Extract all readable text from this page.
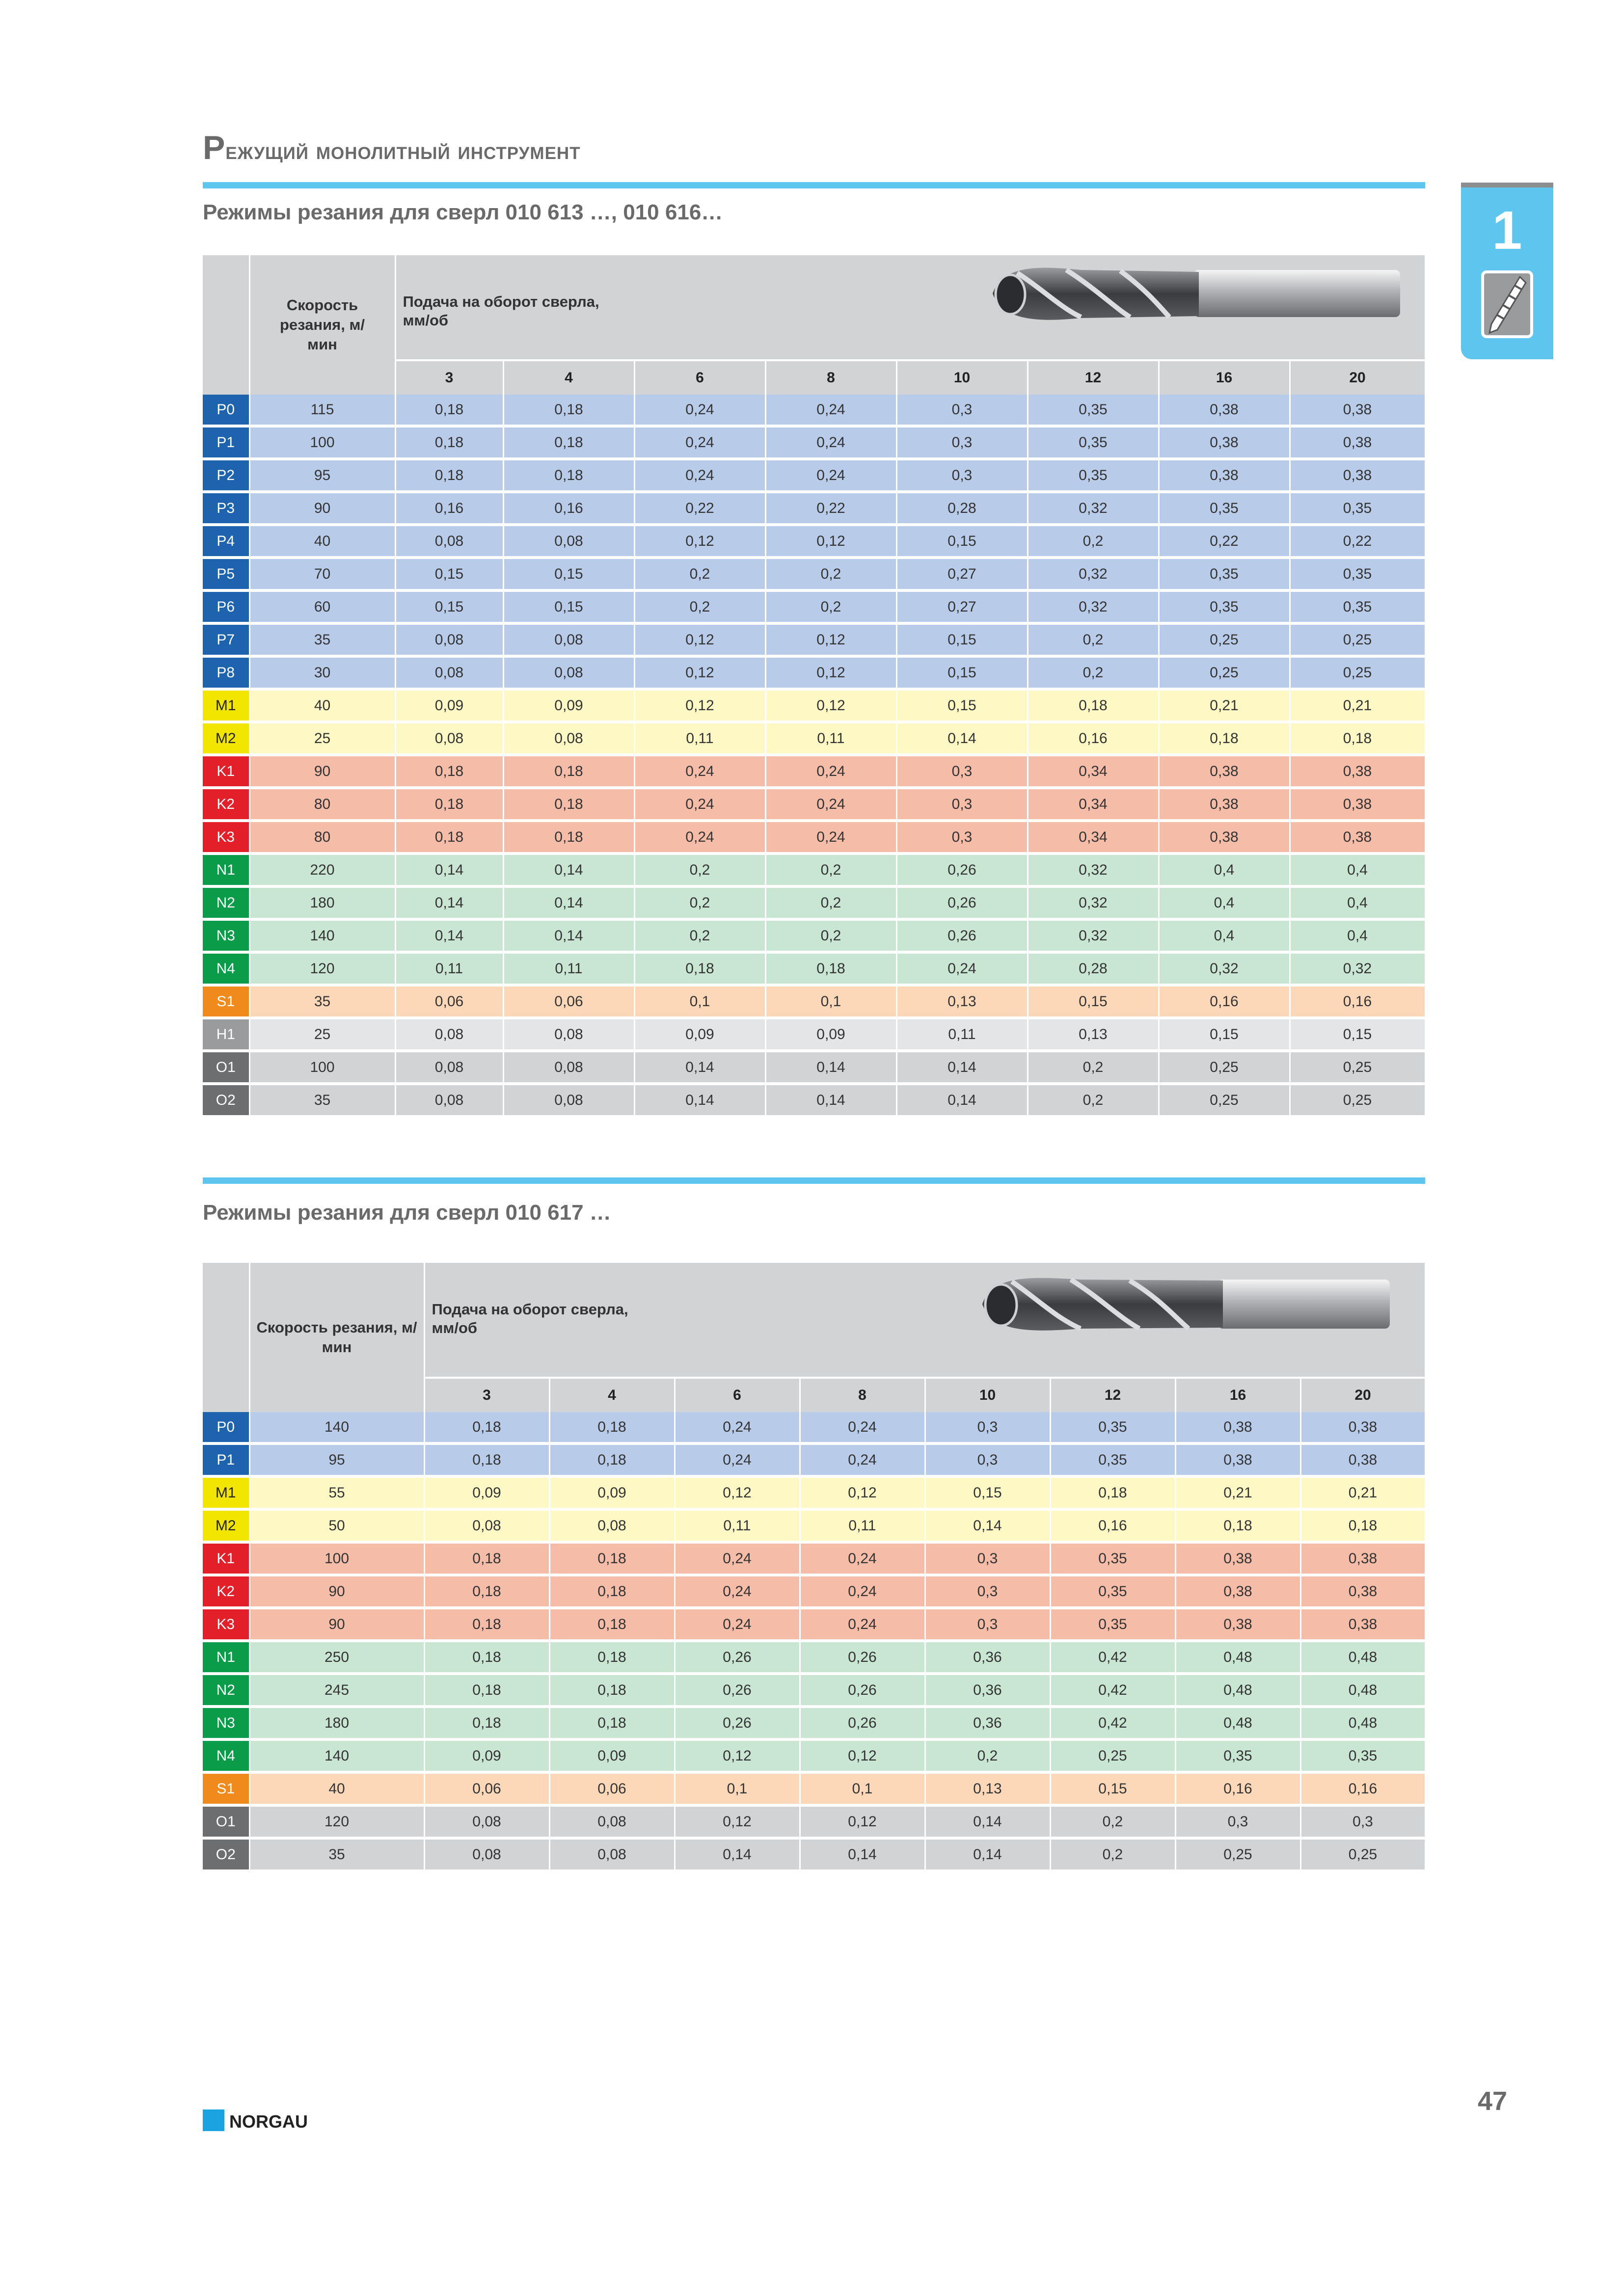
Режущий монолитный инструмент
1
Режимы резания для сверл 010 613 …, 010 616…

	Скорость резания, м/мин	Подача на оборот сверла,
мм/об							

		3	4	6	8	10	12	16	20
P0	115	0,18	0,18	0,24	0,24	0,3	0,35	0,38	0,38
P1	100	0,18	0,18	0,24	0,24	0,3	0,35	0,38	0,38
P2	95	0,18	0,18	0,24	0,24	0,3	0,35	0,38	0,38
P3	90	0,16	0,16	0,22	0,22	0,28	0,32	0,35	0,35
P4	40	0,08	0,08	0,12	0,12	0,15	0,2	0,22	0,22
P5	70	0,15	0,15	0,2	0,2	0,27	0,32	0,35	0,35
P6	60	0,15	0,15	0,2	0,2	0,27	0,32	0,35	0,35
P7	35	0,08	0,08	0,12	0,12	0,15	0,2	0,25	0,25
P8	30	0,08	0,08	0,12	0,12	0,15	0,2	0,25	0,25
M1	40	0,09	0,09	0,12	0,12	0,15	0,18	0,21	0,21
M2	25	0,08	0,08	0,11	0,11	0,14	0,16	0,18	0,18
K1	90	0,18	0,18	0,24	0,24	0,3	0,34	0,38	0,38
K2	80	0,18	0,18	0,24	0,24	0,3	0,34	0,38	0,38
K3	80	0,18	0,18	0,24	0,24	0,3	0,34	0,38	0,38
N1	220	0,14	0,14	0,2	0,2	0,26	0,32	0,4	0,4
N2	180	0,14	0,14	0,2	0,2	0,26	0,32	0,4	0,4
N3	140	0,14	0,14	0,2	0,2	0,26	0,32	0,4	0,4
N4	120	0,11	0,11	0,18	0,18	0,24	0,28	0,32	0,32
S1	35	0,06	0,06	0,1	0,1	0,13	0,15	0,16	0,16
H1	25	0,08	0,08	0,09	0,09	0,11	0,13	0,15	0,15
O1	100	0,08	0,08	0,14	0,14	0,14	0,2	0,25	0,25
O2	35	0,08	0,08	0,14	0,14	0,14	0,2	0,25	0,25
Режимы резания для сверл 010 617 …

	Скорость резания, м/мин	Подача на оборот сверла,
мм/об							

		3	4	6	8	10	12	16	20
P0	140	0,18	0,18	0,24	0,24	0,3	0,35	0,38	0,38
P1	95	0,18	0,18	0,24	0,24	0,3	0,35	0,38	0,38
M1	55	0,09	0,09	0,12	0,12	0,15	0,18	0,21	0,21
M2	50	0,08	0,08	0,11	0,11	0,14	0,16	0,18	0,18
K1	100	0,18	0,18	0,24	0,24	0,3	0,35	0,38	0,38
K2	90	0,18	0,18	0,24	0,24	0,3	0,35	0,38	0,38
K3	90	0,18	0,18	0,24	0,24	0,3	0,35	0,38	0,38
N1	250	0,18	0,18	0,26	0,26	0,36	0,42	0,48	0,48
N2	245	0,18	0,18	0,26	0,26	0,36	0,42	0,48	0,48
N3	180	0,18	0,18	0,26	0,26	0,36	0,42	0,48	0,48
N4	140	0,09	0,09	0,12	0,12	0,2	0,25	0,35	0,35
S1	40	0,06	0,06	0,1	0,1	0,13	0,15	0,16	0,16
O1	120	0,08	0,08	0,12	0,12	0,14	0,2	0,3	0,3
O2	35	0,08	0,08	0,14	0,14	0,14	0,2	0,25	0,25
NORGAU
47
